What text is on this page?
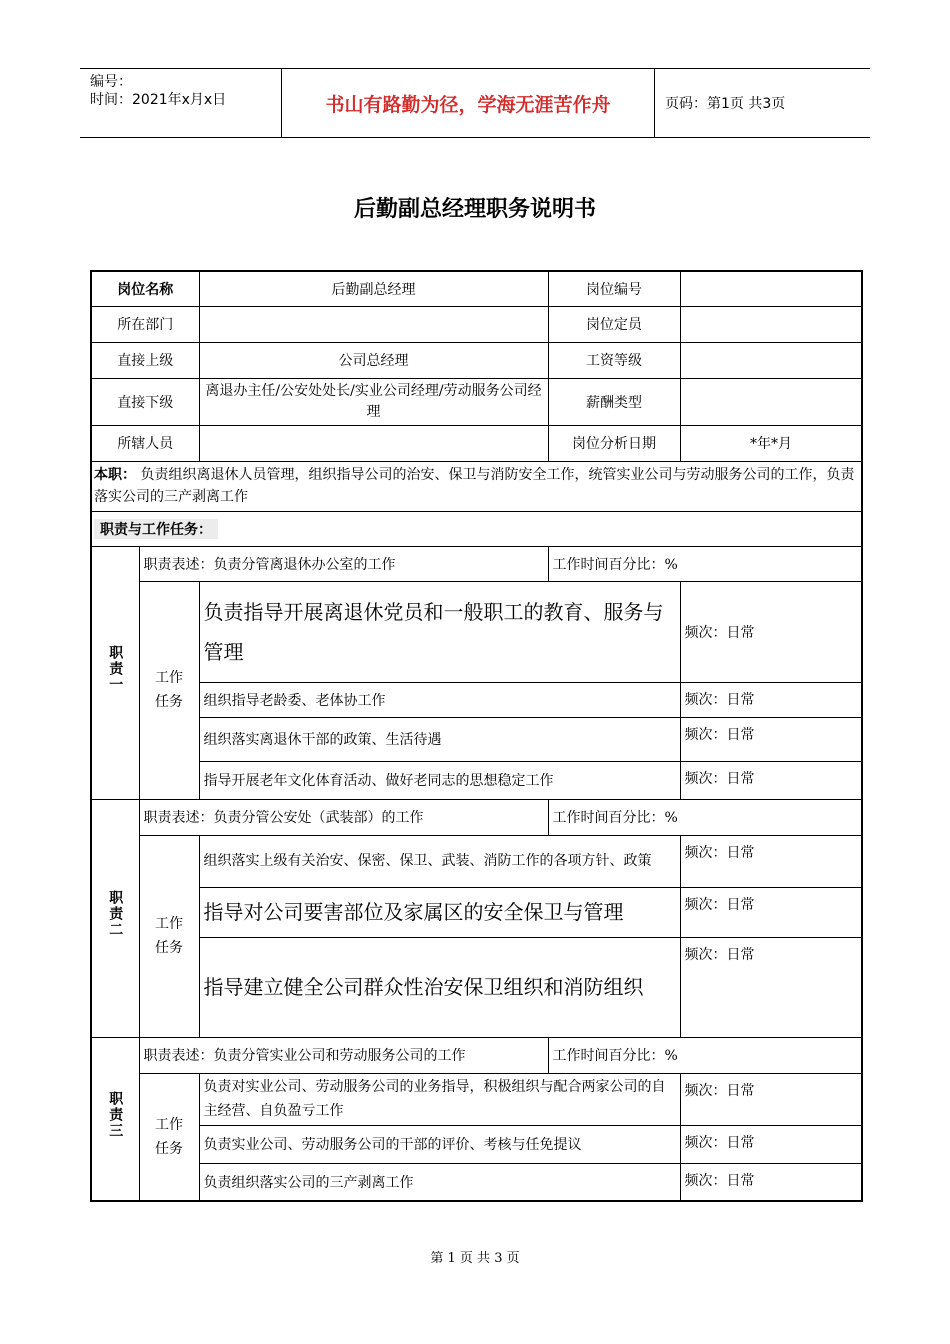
编号：
时间：2021年x月x日	书山有路勤为径，学海无涯苦作舟	页码：第1页 共3页
后勤副总经理职务说明书
岗位名称		后勤副总经理	岗位编号	
所在部门			岗位定员	
直接上级		公司总经理	工资等级	
直接下级		离退办主任/公安处处长/实业公司经理/劳动服务公司经理	薪酬类型	
所辖人员			岗位分析日期	*年*月
本职： 负责组织离退休人员管理，组织指导公司的治安、保卫与消防安全工作，统管实业公司与劳动服务公司的工作，负责落实公司的三产剥离工作				
职责与工作任务：				
职责一	职责表述：负责分管离退休办公室的工作		工作时间百分比：%	
	工作任务	负责指导开展离退休党员和一般职工的教育、服务与管理		频次：日常
		组织指导老龄委、老体协工作		频次：日常
		组织落实离退休干部的政策、生活待遇		频次：日常
		指导开展老年文化体育活动、做好老同志的思想稳定工作		频次：日常
职责二	职责表述：负责分管公安处（武装部）的工作		工作时间百分比：%	
	工作任务	组织落实上级有关治安、保密、保卫、武装、消防工作的各项方针、政策		频次：日常
		指导对公司要害部位及家属区的安全保卫与管理		频次：日常
		指导建立健全公司群众性治安保卫组织和消防组织		频次：日常
职责三	职责表述：负责分管实业公司和劳动服务公司的工作		工作时间百分比：%	
	工作任务	负责对实业公司、劳动服务公司的业务指导，积极组织与配合两家公司的自主经营、自负盈亏工作		频次：日常
		负责实业公司、劳动服务公司的干部的评价、考核与任免提议		频次：日常
		负责组织落实公司的三产剥离工作		频次：日常
第 1 页 共 3 页
